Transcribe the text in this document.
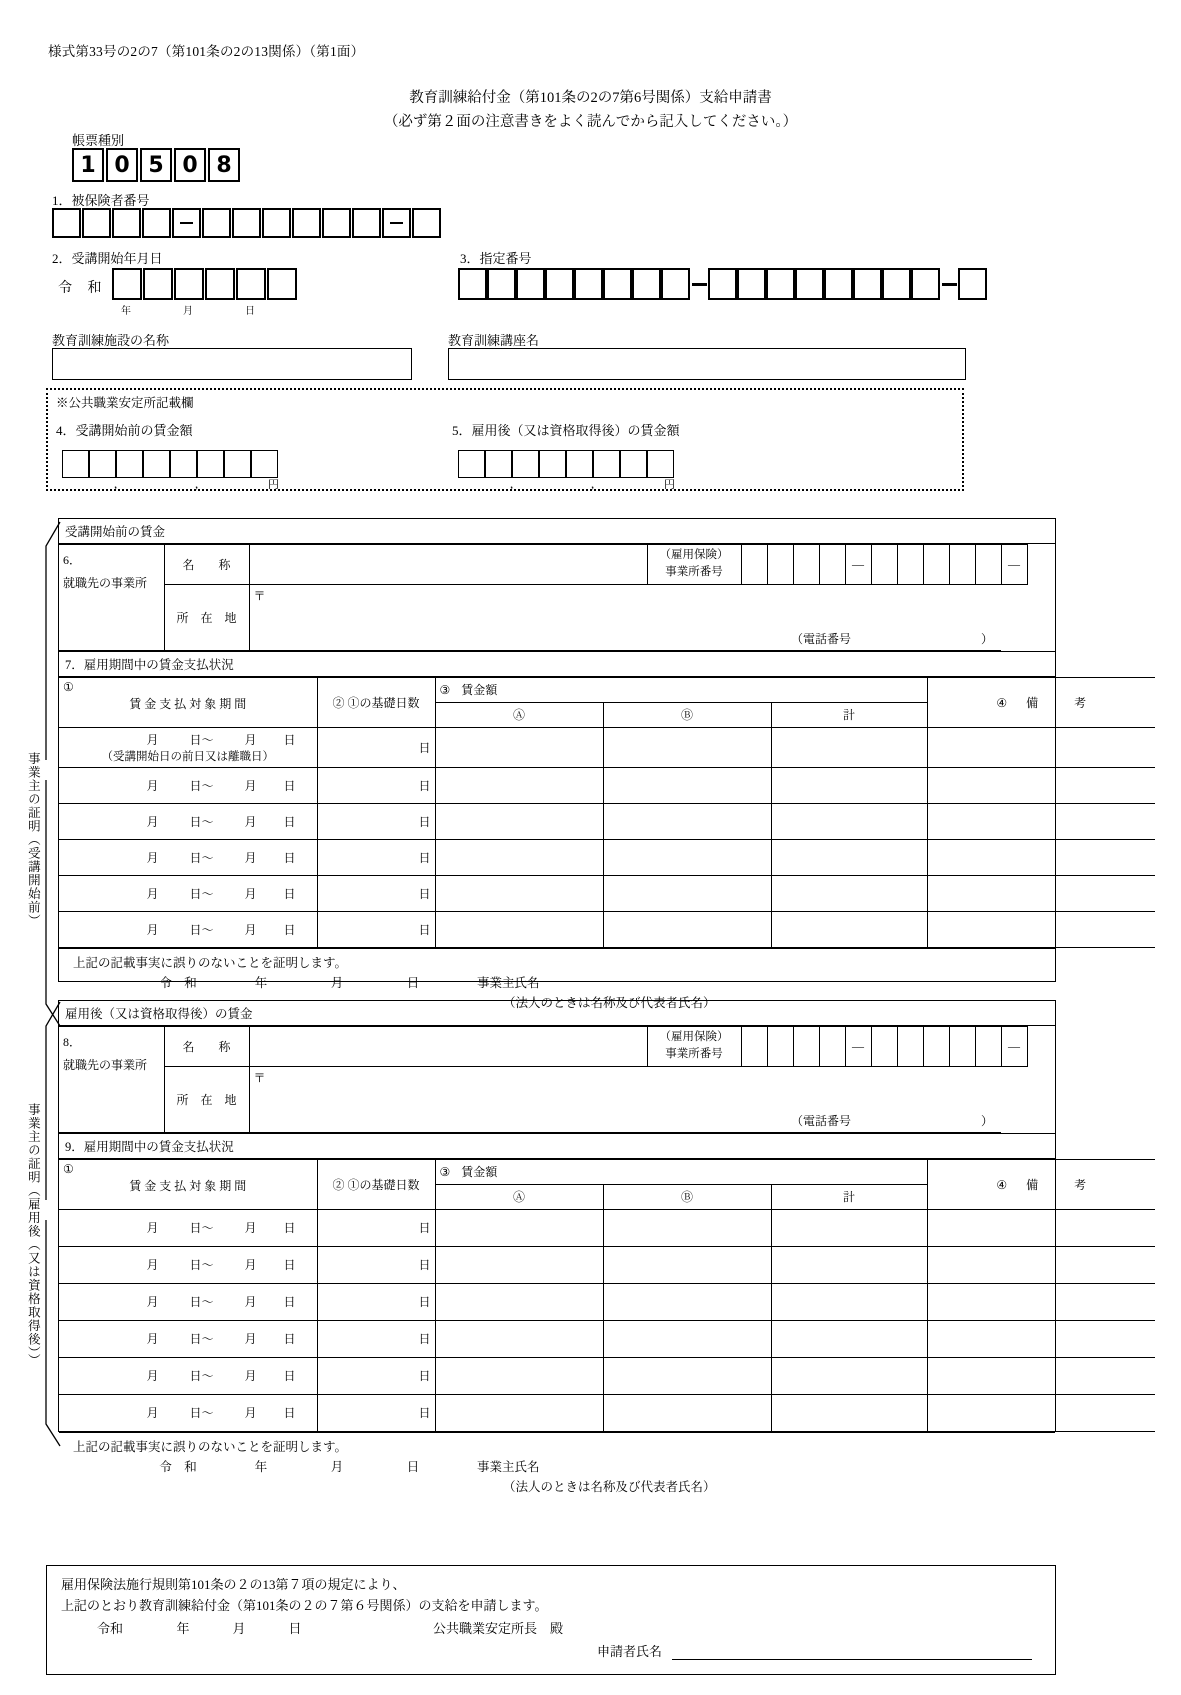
様式第33号の2の7（第101条の2の13関係）（第1面）
教育訓練給付金（第101条の2の7第6号関係）支給申請書
（必ず第２面の注意書きをよく読んでから記入してください。）
帳票種別
1 0 5 0 8
1．被保険者番号
2．受講開始年月日
令 和
年	月	日
3．指定番号
教育訓練施設の名称	教育訓練講座名
※公共職業安定所記載欄
4．受講開始前の賃金額	5．雇用後（又は資格取得後）の賃金額
,	,	円	,	,	円
事業主の証明（受講開始前）
受講開始前の賃金
6．
就職先の事業所
	名　　称		
（雇用保険）
事業所番号
					—						—
	所　在　地	〒
（電話番号 ）													

7．雇用期間中の賃金支払状況
①
賃 金 支 払 対 象 期 間	② ①の基礎日数	③ 賃金額			④ 備　　　考
		Ⓐ	Ⓑ	計	

月 日～ 月 日
（受講開始日の前日又は離職日）	日				

月 日～ 月 日	日				

月 日～ 月 日	日				

月 日～ 月 日	日				

月 日～ 月 日	日				

月 日～ 月 日	日				
上記の記載事実に誤りのないことを証明します。
令　和	年	月	日	事業主氏名
（法人のときは名称及び代表者氏名）
事業主の証明（雇用後（又は資格取得後））
雇用後（又は資格取得後）の賃金
8．
就職先の事業所
	名　　称		
（雇用保険）
事業所番号
					—						—
	所　在　地	〒
（電話番号 ）													

9．雇用期間中の賃金支払状況
①
賃 金 支 払 対 象 期 間	② ①の基礎日数	③ 賃金額			④ 備　　　考
		Ⓐ	Ⓑ	計	

月 日～ 月 日	日				

月 日～ 月 日	日				

月 日～ 月 日	日				

月 日～ 月 日	日				

月 日～ 月 日	日				

月 日～ 月 日	日				
上記の記載事実に誤りのないことを証明します。
令　和	年	月	日	事業主氏名
（法人のときは名称及び代表者氏名）
雇用保険法施行規則第101条の２の13第７項の規定により、
上記のとおり教育訓練給付金（第101条の２の７第６号関係）の支給を申請します。
令和	年	月	日	公共職業安定所長　殿
申請者氏名
